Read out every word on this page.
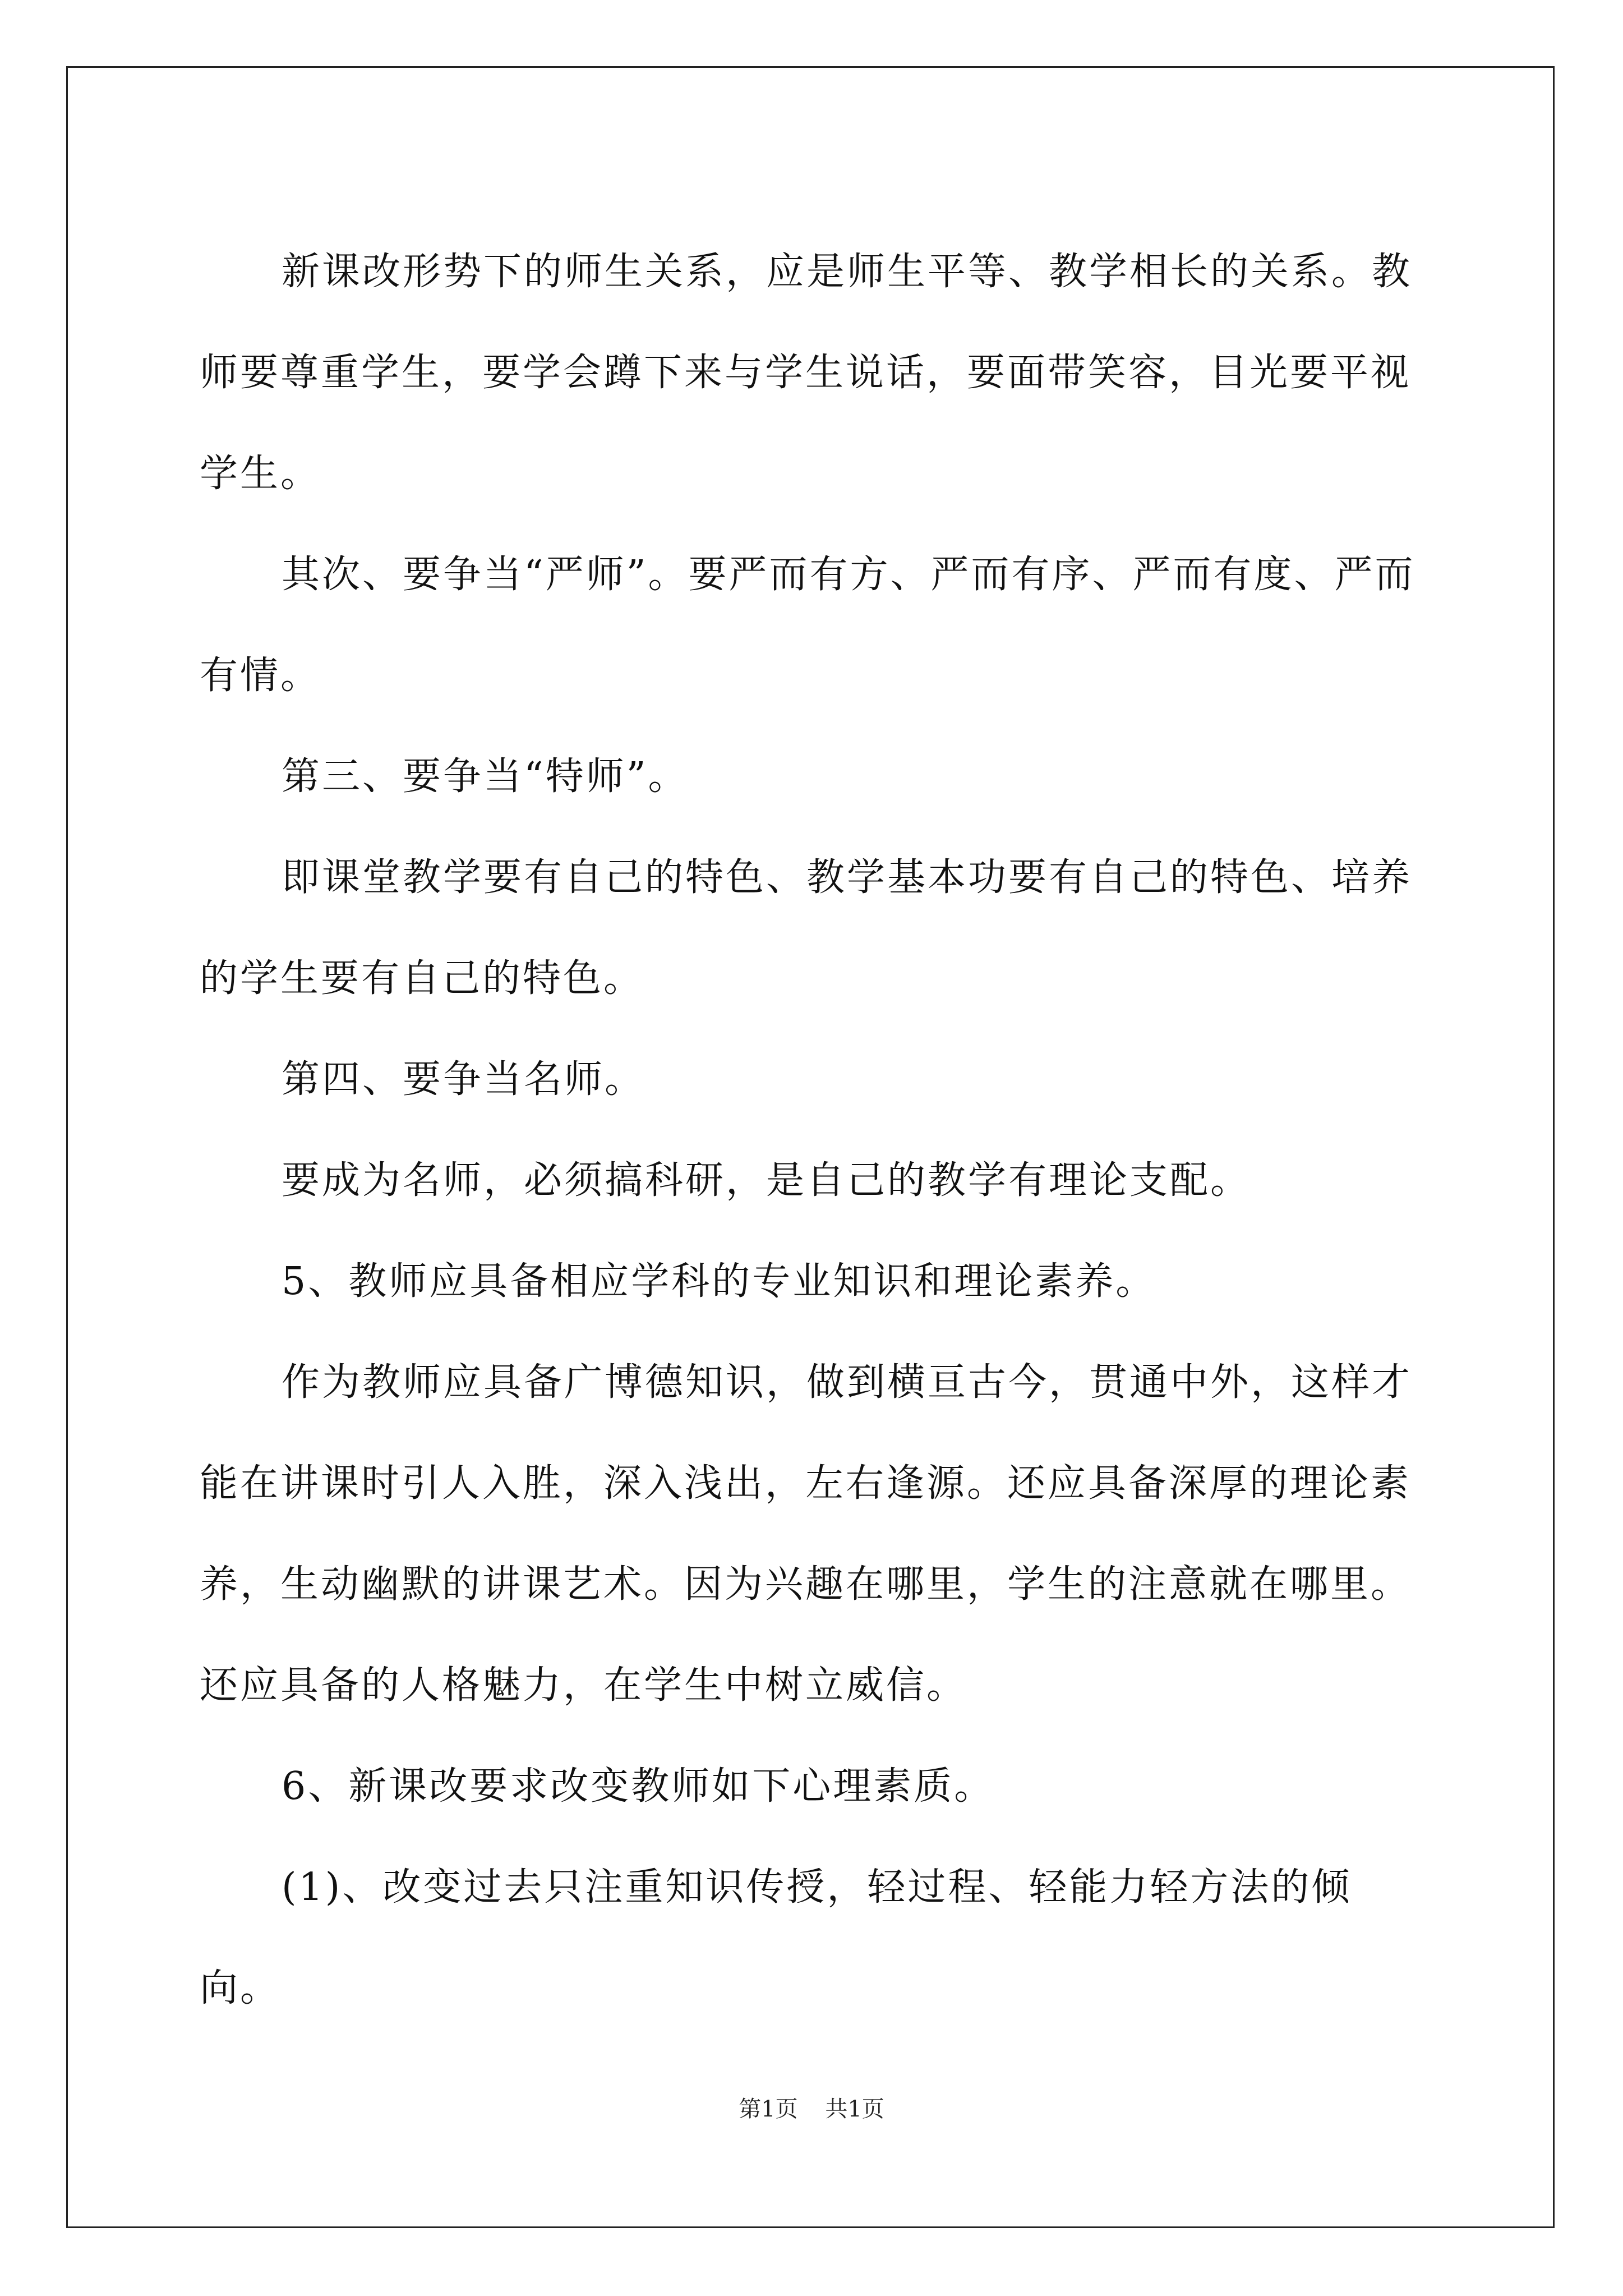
新课改形势下的师生关系，应是师生平等、教学相长的关系。教师要尊重学生，要学会蹲下来与学生说话，要面带笑容，目光要平视学生。

其次、要争当“严师”。要严而有方、严而有序、严而有度、严而有情。

第三、要争当“特师”。

即课堂教学要有自己的特色、教学基本功要有自己的特色、培养的学生要有自己的特色。

第四、要争当名师。

要成为名师，必须搞科研，是自己的教学有理论支配。

5、教师应具备相应学科的专业知识和理论素养。

作为教师应具备广博德知识，做到横亘古今，贯通中外，这样才能在讲课时引人入胜，深入浅出，左右逢源。还应具备深厚的理论素养，生动幽默的讲课艺术。因为兴趣在哪里，学生的注意就在哪里。还应具备的人格魅力，在学生中树立威信。

6、新课改要求改变教师如下心理素质。

(1)、改变过去只注重知识传授，轻过程、轻能力轻方法的倾向。

第1页 共1页
